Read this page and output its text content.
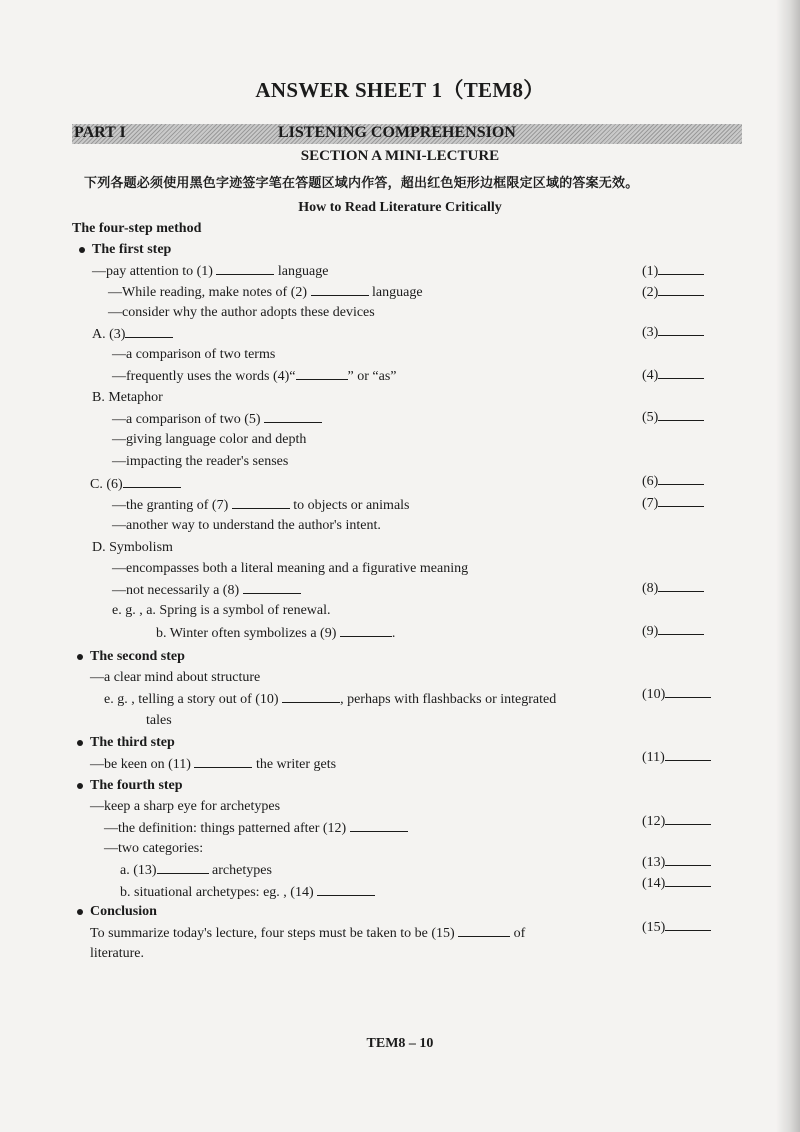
ANSWER SHEET 1（TEM8）
PART I	LISTENING COMPREHENSION
SECTION A MINI-LECTURE
下列各题必须使用黑色字迹签字笔在答题区域内作答，超出红色矩形边框限定区域的答案无效。
How to Read Literature Critically
The four-step method
The first step
—pay attention to (1)	language
—While reading, make notes of (2)	language
—consider why the author adopts these devices
A. (3)
—a comparison of two terms
—frequently uses the words (4)“	” or “as”
B. Metaphor
—a comparison of two (5)
—giving language color and depth
—impacting the reader's senses
C. (6)
—the granting of (7)	to objects or animals
—another way to understand the author's intent.
D. Symbolism
—encompasses both a literal meaning and a figurative meaning
—not necessarily a (8)
e. g. , a. Spring is a symbol of renewal.
b. Winter often symbolizes a (9)	.
The second step
—a clear mind about structure
e. g. , telling a story out of (10)	, perhaps with flashbacks or integrated
tales
The third step
—be keen on (11)	the writer gets
The fourth step
—keep a sharp eye for archetypes
—the definition: things patterned after (12)
—two categories:
a. (13)	archetypes
b. situational archetypes: eg. , (14)
Conclusion
To summarize today's lecture, four steps must be taken to be (15)	of
literature.
(1)
(2)
(3)
(4)
(5)
(6)
(7)
(8)
(9)
(10)
(11)
(12)
(13)
(14)
(15)
TEM8 – 10
